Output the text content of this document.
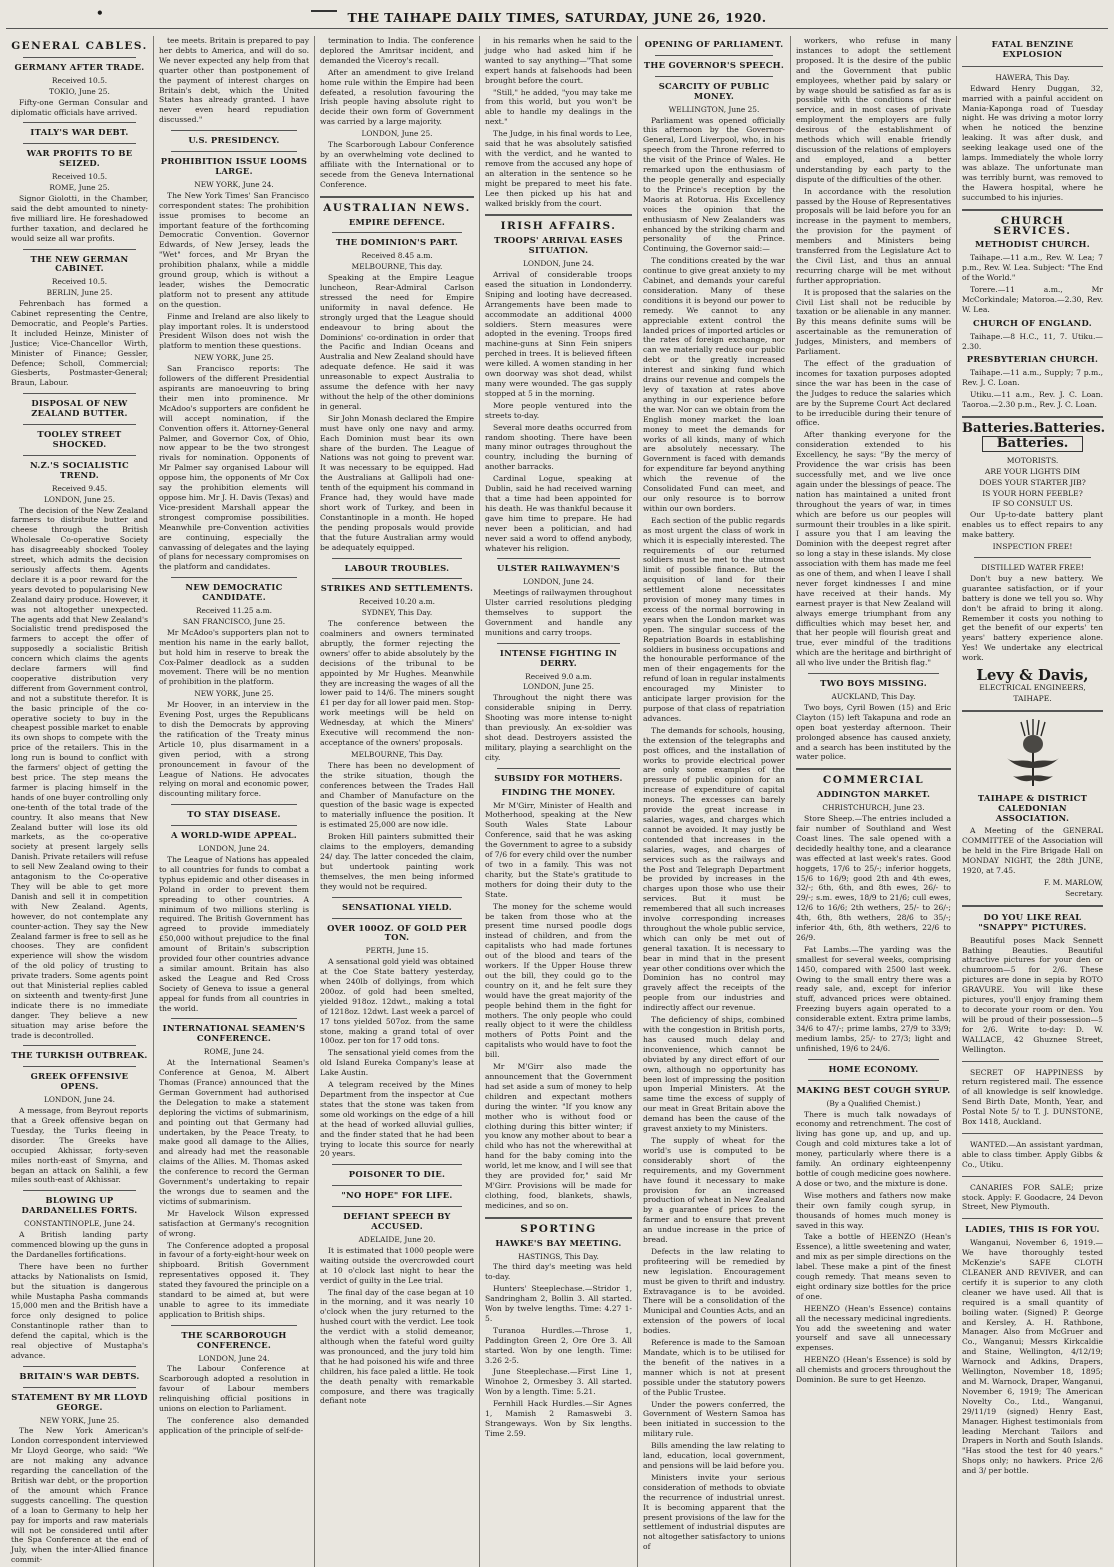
•	THE TAIHAPE DAILY TIMES, SATURDAY, JUNE 26, 1920.
GENERAL CABLES.
GERMANY AFTER TRADE.
Received 10.5.
TOKIO, June 25.

Fifty-one German Consular and diplomatic officials have arrived.

ITALY'S WAR DEBT.
WAR PROFITS TO BE SEIZED.
Received 10.5.
ROME, June 25.

Signor Giolotti, in the Chamber, said the debt amounted to ninety-five milliard lire. He foreshadowed further taxation, and declared he would seize all war profits.

THE NEW GERMAN CABINET.
Received 10.5.
BERLIN, June 25.

Fehrenbach has formed a Cabinet representing the Centre, Democratic, and People's Parties. It included Heinze, Minister of Justice; Vice-Chancellor Wirth, Minister of Finance; Gessler, Defence; Scholl, Commercial; Giesberts, Postmaster-General; Braun, Labour.

DISPOSAL OF NEW ZEALAND BUTTER.
TOOLEY STREET SHOCKED.
N.Z.'S SOCIALISTIC TREND.
Received 9.45.
LONDON, June 25.

The decision of the New Zealand farmers to distribute butter and cheese through the British Wholesale Co-operative Society has disagreeably shocked Tooley street, which admits the decision seriously affects them. Agents declare it is a poor reward for the years devoted to popularising New Zealand dairy produce. However, it was not altogether unexpected. The agents add that New Zealand's Socialistic trend predisposed the farmers to accept the offer of supposedly a socialistic British concern which claims the agents declare farmers will find cooperative distribution very different from Government control, and not a substitute therefor. It is the basic principle of the co-operative society to buy in the cheapest possible market to enable its own shops to compete with the price of the retailers. This in the long run is bound to conflict with the farmers' object of getting the best price. The step means the farmer is placing himself in the hands of one buyer controlling only one-tenth of the total trade of the country. It also means that New Zealand butter will lose its old markets, as the co-operative society at present largely sells Danish. Private retailers will refuse to sell New Zealand owing to their antagonism to the Co-operative They will be able to get more Danish and sell it in competition with New Zealand. Agents, however, do not contemplate any counter-action. They say the New Zealand farmer is free to sell as he chooses. They are confident experience will show the wisdom of the old policy of trusting to private traders. Some agents point out that Ministerial replies cabled on sixteenth and twenty-first June indicate there is no immediate danger. They believe a new situation may arise before the trade is decontrolled.

THE TURKISH OUTBREAK.
GREEK OFFENSIVE OPENS.
LONDON, June 24.

A message, from Beyrout reports that a Greek offensive began on Tuesday, the Turks fleeing in disorder. The Greeks have occupied Akhissar, forty-seven miles north-east of Smyrna, and began an attack on Salihli, a few miles south-east of Akhissar.

BLOWING UP DARDANELLES FORTS.
CONSTANTINOPLE, June 24.

A British landing party commenced blowing up the guns in the Dardanelles fortifications.

There have been no further attacks by Nationalists on Ismid, but the situation is dangerous while Mustapha Pasha commands 15,000 men and the British have a force only designed to police Constantinople rather than to defend the capital, which is the real objective of Mustapha's advance.

BRITAIN'S WAR DEBTS.
STATEMENT BY MR LLOYD GEORGE.
NEW YORK, June 25.

The New York American's London correspondent interviewed Mr Lloyd George, who said: "We are not making any advance regarding the cancellation of the British war debt, or the proportion of the amount which France suggests cancelling. The question of a loan to Germany to help her pay for imports and raw materials will not be considered until after the Spa Conference at the end of July, when the inter-Allied finance commit-

tee meets. Britain is prepared to pay her debts to America, and will do so. We never expected any help from that quarter other than postponement of the payment of interest charges on Britain's debt, which the United States has already granted. I have never even heard repudiation discussed."

U.S. PRESIDENCY.
PROHIBITION ISSUE LOOMS LARGE.
NEW YORK, June 24.

The New York Times' San Francisco correspondent states: The prohibition issue promises to become an important feature of the forthcoming Democratic Convention. Governor Edwards, of New Jersey, leads the "Wet" forces, and Mr Bryan the prohibition phalanx, while a middle ground group, which is without a leader, wishes the Democratic platform not to present any attitude on the question.

Finme and Ireland are also likely to play important roles. It is understood President Wilson does not wish the platform to mention these questions.

NEW YORK, June 25.

San Francisco reports: The followers of the different Presidential aspirants are manoeuvring to bring their men into prominence. Mr McAdoo's supporters are confident he will accept nomination, if the Convention offers it. Attorney-General Palmer, and Governor Cox, of Ohio, now appear to be the two strongest rivals for nomination. Opponents of Mr Palmer say organised Labour will oppose him, the opponents of Mr Cox say the prohibition elements will oppose him. Mr J. H. Davis (Texas) and Vice-president Marshall appear the strongest compromise possibilities. Meanwhile pre-Convention activities are continuing, especially the canvassing of delegates and the laying of plans for necessary compromises on the platform and candidates.

NEW DEMOCRATIC CANDIDATE.
Received 11.25 a.m.
SAN FRANCISCO, June 25.

Mr McAdoo's supporters plan not to mention his name in the early ballot, but hold him in reserve to break the Cox-Palmer deadlock as a sudden movement. There will be no mention of prohibition in the platform.

NEW YORK, June 25.

Mr Hoover, in an interview in the Evening Post, urges the Republicans to dish the Democrats by approving the ratification of the Treaty minus Article 10, plus disarmament in a given period, with a strong pronouncement in favour of the League of Nations. He advocates relying on moral and economic power, discounting military force.

TO STAY DISEASE.
A WORLD-WIDE APPEAL.
LONDON, June 24.

The League of Nations has appealed to all countries for funds to combat a typhus epidemic and other diseases in Poland in order to prevent them spreading to other countries. A minimum of two millions sterling is required. The British Government has agreed to provide immediately £50,000 without prejudice to the final amount of Britain's subscription provided four other countries advance a similar amount. Britain has also asked the League and Red Cross Society of Geneva to issue a general appeal for funds from all countries in the world.

INTERNATIONAL SEAMEN'S CONFERENCE.
ROME, June 24.

At the International Seamen's Conference at Genoa, M. Albert Thomas (France) announced that the German Government had authorised the Delegation to make a statement deploring the victims of submarinism, and pointing out that Germany had undertaken, by the Peace Treaty, to make good all damage to the Allies, and already had met the reasonable claims of the Allies. M. Thomas asked the conference to record the German Government's undertaking to repair the wrongs due to seamen and the victims of submarinism.

Mr Havelock Wilson expressed satisfaction at Germany's recognition of wrong.

The Conference adopted a proposal in favour of a forty-eight-hour week on shipboard. British Government representatives opposed it. They stated they favoured the principle on a standard to be aimed at, but were unable to agree to its immediate application to British ships.

THE SCARBOROUGH CONFERENCE.
LONDON, June 24.

The Labour Conference at Scarborough adopted a resolution in favour of Labour members relinquishing official positions in unions on election to Parliament.

The conference also demanded application of the principle of self-de-

termination to India. The conference deplored the Amritsar incident, and demanded the Viceroy's recall.

After an amendment to give Ireland home rule within the Empire had been defeated, a resolution favouring the Irish people having absolute right to decide their own form of Government was carried by a large majority.

LONDON, June 25.

The Scarborough Labour Conference by an overwhelming vote declined to affiliate with the International or to secede from the Geneva International Conference.

AUSTRALIAN NEWS.
EMPIRE DEFENCE.
THE DOMINION'S PART.
Received 8.45 a.m.
MELBOURNE, This day.

Speaking at the Empire League luncheon, Rear-Admiral Carlson stressed the need for Empire uniformity in naval defence. He strongly urged that the League should endeavour to bring about the Dominions' co-ordination in order that the Pacific and Indian Oceans and Australia and New Zealand should have adequate defence. He said it was unreasonable to expect Australia to assume the defence with her navy without the help of the other dominions in general.

Sir John Monash declared the Empire must have only one navy and army. Each Dominion must bear its own share of the burden. The League of Nations was not going to prevent war. It was necessary to be equipped. Had the Australians at Gallipoli had one-tenth of the equipment his command in France had, they would have made short work of Turkey, and been in Constantinople in a month. He hoped the pending proposals would provide that the future Australian army would be adequately equipped.

LABOUR TROUBLES.
STRIKES AND SETTLEMENTS.
Received 10.20 a.m.
SYDNEY, This Day.

The conference between the coalminers and owners terminated abruptly, the former rejecting the owners' offer to abide absolutely by the decisions of the tribunal to be appointed by Mr Hughes. Meanwhile they are increasing the wages of all the lower paid to 14/6. The miners sought £1 per day for all lower paid men. Stop-work meetings will be held on Wednesday, at which the Miners' Executive will recommend the non-acceptance of the owners' proposals.

MELBOURNE, This Day.

There has been no development of the strike situation, though the conferences between the Trades Hall and Chamber of Manufacture on the question of the basic wage is expected to materially influence the position. It is estimated 25,000 are now idle.

Broken Hill painters submitted their claims to the employers, demanding 24/ day. The latter conceded the claim, but undertook painting work themselves, the men being informed they would not be required.

SENSATIONAL YIELD.
OVER 100OZ. OF GOLD PER TON.
PERTH, June 15.

A sensational gold yield was obtained at the Coe State battery yesterday, when 240lb of dollyings, from which 200oz. of gold had been smelted, yielded 918oz. 12dwt., making a total of 1218oz. 12dwt. Last week a parcel of 17 tons yielded 507oz. from the same stone, making a grand total of over 100oz. per ton for 17 odd tons.

The sensational yield comes from the old Island Eureka Company's lease at Lake Austin.

A telegram received by the Mines Department from the inspector at Cue states that the stone was taken from some old workings on the edge of a hill at the head of worked alluvial gullies, and the finder stated that he had been trying to locate this source for nearly 20 years.

POISONER TO DIE.
"NO HOPE" FOR LIFE.
DEFIANT SPEECH BY ACCUSED.
ADELAIDE, June 20.

It is estimated that 1000 people were waiting outside the overcrowded court at 10 o'clock last night to hear the verdict of guilty in the Lee trial.

The final day of the case began at 10 in the morning, and it was nearly 10 o'clock when the jury returned to the hushed court with the verdict. Lee took the verdict with a stolid demeanor, although when the fateful word guilty was pronounced, and the jury told him that he had poisoned his wife and three children, his face paled a little. He took the death penalty with remarkable composure, and there was tragically defiant note

in his remarks when he said to the judge who had asked him if he wanted to say anything—"That some expert hands at falsehoods had been brought before the court.

"Still," he added, "you may take me from this world, but you won't be able to handle my dealings in the next."

The Judge, in his final words to Lee, said that he was absolutely satisfied with the verdict, and he wanted to remove from the accused any hope of an alteration in the sentence so he might be prepared to meet his fate. Lee then picked up his hat and walked briskly from the court.

IRISH AFFAIRS.
TROOPS' ARRIVAL EASES SITUATION.
LONDON, June 24.

Arrival of considerable troops eased the situation in Londonderry. Sniping and looting have decreased. Arrangements have been made to accommodate an additional 4000 soldiers. Stern measures were adopted in the evening. Troops fired machine-guns at Sinn Fein snipers perched in trees. It is believed fifteen were killed. A women standing in her own doorway was shot dead, whilst many were wounded. The gas supply stopped at 5 in the morning.

More people ventured into the streets to-day.

Several more deaths occurred from random shooting. There have been many minor outrages throughout the country, including the burning of another barracks.

Cardinal Logue, speaking at Dublin, said he had received warning that a time had been appointed for his death. He was thankful because it gave him time to prepare. He had never been a politician, and had never said a word to offend anybody, whatever his religion.

ULSTER RAILWAYMEN'S
LONDON, June 24.

Meetings of railwaymen throughout Ulster carried resolutions pledging themselves to support the Government and handle any munitions and carry troops.

INTENSE FIGHTING IN DERRY.
Received 9.0 a.m.
LONDON, June 25.

Throughout the night there was considerable sniping in Derry. Shooting was more intense to-night than previously. An ex-soldier was shot dead. Destroyers assisted the military, playing a searchlight on the city.

SUBSIDY FOR MOTHERS.
FINDING THE MONEY.

Mr M'Girr, Minister of Health and Motherhood, speaking at the New South Wales State Labour Conference, said that he was asking the Government to agree to a subsidy of 7/6 for every child over the number of two in a family. This was not charity, but the State's gratitude to mothers for doing their duty to the State.

The money for the scheme would be taken from those who at the present time nursed poodle dogs instead of children, and from the capitalists who had made fortunes out of the blood and tears of the workers. If the Upper House threw out the bill, they could go to the country on it, and he felt sure they would have the great majority of the people behind them in the fight for mothers. The only people who could really object to it were the childless mothers of Potts Point and the capitalists who would have to foot the bill.

Mr M'Girr also made the announcement that the Government had set aside a sum of money to help children and expectant mothers during the winter. "If you know any mother who is without food or clothing during this bitter winter; if you know any mother about to bear a child who has not the wherewithal at hand for the baby coming into the world, let me know, and I will see that they are provided for," said Mr M'Girr. Provisions will be made for clothing, food, blankets, shawls, medicines, and so on.

SPORTING
HAWKE'S BAY MEETING.
HASTINGS, This Day.

The third day's meeting was held to-day.

Hunters' Steeplechase.—Stridor 1, Sandringham 2, Bollin 3. All started. Won by twelve lengths. Time: 4.27 1-5.

Turanoa Hurdles.—Throse 1, Paddington Green 2, Ore Ore 3. All started. Won by one length. Time: 3.26 2-5.

June Steeplechase.—First Line 1, Winohoe 2, Ormesbey 3. All started. Won by a length. Time: 5.21.

Fernhill Hack Hurdles.—Sir Agnes 1, Mamish 2 Ramaswebi 3. Strangeways. Won by Six lengths. Time 2.59.

OPENING OF PARLIAMENT.
THE GOVERNOR'S SPEECH.
SCARCITY OF PUBLIC MONEY.
WELLINGTON, June 25.

Parliament was opened officially this afternoon by the Governor-General, Lord Liverpool, who, in his speech from the Throne referred to the visit of the Prince of Wales. He remarked upon the enthusiasm of the people generally and especially to the Prince's reception by the Maoris at Rotorua. His Excellency voices the opinion that the enthusiasm of New Zealanders was enhanced by the striking charm and personality of the Prince. Continuing, the Governor said:—

The conditions created by the war continue to give great anxiety to my Cabinet, and demands your careful consideration. Many of these conditions it is beyond our power to remedy. We cannot to any appreciable extent control the landed prices of imported articles or the rates of foreign exchange, nor can we materially reduce our public debt or the greatly increased interest and sinking fund which drains our revenue and compels the levy of taxation at rates above anything in our experience before the war. Nor can we obtain from the English money market the loan money to meet the demands for works of all kinds, many of which are absolutely necessary. The Government is faced with demands for expenditure far beyond anything which the revenue of the Consolidated Fund can meet, and our only resource is to borrow within our own borders.

Each section of the public regards as most urgent the class of work in which it is especially interested. The requirements of our returned soldiers must be met to the utmost limit of possible finance. But the acquisition of land for their settlement alone necessitates provision of money many times in excess of the normal borrowing in years when the London market was open. The singular success of the Repatriation Boards in establishing soldiers in business occupations and the honourable performance of the men of their engagements for the refund of loan in regular instalments encouraged my Minister to anticipate larger provision for the purpose of that class of repatriation advances.

The demands for schools, housing, the extension of the telegraphs and post offices, and the installation of works to provide electrical power are only some examples of the pressure of public opinion for an increase of expenditure of capital moneys. The excesses can barely provide the great increase in salaries, wages, and charges which cannot be avoided. It may justly be contended that increases in the salaries, wages, and charges of services such as the railways and the Post and Telegraph Department be provided by increases in the charges upon those who use their services. But it must be remembered that all such increases involve corresponding increases throughout the whole public service, which can only be met out of general taxation. It is necessary to bear in mind that in the present year other conditions over which the Dominion has no control may gravely affect the receipts of the people from our industries and indirectly affect our revenue.

The deficiency of ships, combined with the congestion in British ports, has caused much delay and inconvenience, which cannot be obviated by any direct effort of our own, although no opportunity has been lost of impressing the position upon Imperial Ministers. At the same time the excess of supply of our meat in Great Britain above the demand has been the cause of the gravest anxiety to my Ministers.

The supply of wheat for the world's use is computed to be considerably short of the requirements, and my Government have found it necessary to make provision for an increased production of wheat in New Zealand by a guarantee of prices to the farmer and to ensure that prevent an undue increase in the price of bread.

Defects in the law relating to profiteering will be remedied by new legislation. Encouragement must be given to thrift and industry. Extravagance is to be avoided. There will be a consolidation of the Municipal and Counties Acts, and an extension of the powers of local bodies.

Reference is made to the Samoan Mandate, which is to be utilised for the benefit of the natives in a manner which is not at present possible under the statutory powers of the Public Trustee.

Under the powers conferred, the Government of Western Samoa has been initiated in succession to the military rule.

Bills amending the law relating to land, education, local government, and pensions will be laid before you.

Ministers invite your serious consideration of methods to obviate the recurrence of industrial unrest. It is becoming apparent that the present provisions of the law for the settlement of industrial disputes are not altogether satisfactory to unions of

workers, who refuse in many instances to adopt the settlement proposed. It is the desire of the public and the Government that public employees, whether paid by salary or by wage should be satisfied as far as is possible with the conditions of their service, and in most cases of private employment the employers are fully desirous of the establishment of methods which will enable friendly discussion of the relations of employers and employed, and a better understanding by each party to the dispute of the difficulties of the other.

In accordance with the resolution passed by the House of Representatives proposals will be laid before you for an increase in the payment to members, the provision for the payment of members and Ministers being transferred from the Legislature Act to the Civil List, and thus an annual recurring charge will be met without further appropriation.

It is proposed that the salaries on the Civil List shall not be reducible by taxation or be alienable in any manner. By this means definite sums will be ascertainable as the remuneration of Judges, Ministers, and members of Parliament.

The effect of the graduation of incomes for taxation purposes adopted since the war has been in the case of the Judges to reduce the salaries which are by the Supreme Court Act declared to be irreducible during their tenure of office.

After thanking everyone for the consideration extended to his Excellency, he says: "By the mercy of Providence the war crisis has been successfully met, and we live once again under the blessings of peace. The nation has maintained a united front throughout the years of war, in times which are before us our peoples will surmount their troubles in a like spirit. I assure you that I am leaving the Dominion with the deepest regret after so long a stay in these islands. My close association with them has made me feel as one of them, and when I leave I shall never forget kindnesses I and mine have received at their hands. My earnest prayer is that New Zealand will always emerge triumphant from any difficulties which may beset her, and that her people will flourish great and true, ever mindful of the traditions which are the heritage and birthright of all who live under the British flag."

TWO BOYS MISSING.
AUCKLAND, This Day.

Two boys, Cyril Bowen (15) and Eric Clayton (15) left Takapuna and rode an open boat yesterday afternoon. Their prolonged absence has caused anxiety, and a search has been instituted by the water police.

COMMERCIAL
ADDINGTON MARKET.
CHRISTCHURCH, June 23.

Store Sheep.—The entries included a fair number of Southland and West Coast lines. The sale opened with a decidedly healthy tone, and a clearance was effected at last week's rates. Good hoggets, 17/6 to 25/-; inferior hoggets, 15/6 to 16/9; good 2th and 4th ewes, 32/-; 6th, 6th, and 8th ewes, 26/- to 29/-; s.m. ewes, 18/9 to 21/6; cull ewes, 12/6 to 16/6; 2th wethers, 25/- to 26/-; 4th, 6th, 8th wethers, 28/6 to 35/-; inferior 4th, 6th, 8th wethers, 22/6 to 26/9.

Fat Lambs.—The yarding was the smallest for several weeks, comprising 1450, compared with 2500 last week. Owing to the small entry there was a ready sale, and, except for inferior stuff, advanced prices were obtained. Freezing buyers again operated to a considerable extent. Extra prime lambs, 34/6 to 47/-; prime lambs, 27/9 to 33/9; medium lambs, 25/- to 27/3; light and unfinished, 19/6 to 24/6.

HOME ECONOMY.
MAKING BEST COUGH SYRUP.
(By a Qualified Chemist.)

There is much talk nowadays of economy and retrenchment. The cost of living has gone up, and up, and up. Cough and cold mixtures take a lot of money, particularly where there is a family. An ordinary eighteenpenny bottle of cough medicine goes nowhere. A dose or two, and the mixture is done.

Wise mothers and fathers now make their own family cough syrup, in thousands of homes much money is saved in this way.

Take a bottle of HEENZO (Hean's Essence), a little sweetening and water, and mix as per simple directions on the label. These make a pint of the finest cough remedy. That means seven to eight ordinary size bottles for the price of one.

HEENZO (Hean's Essence) contains all the necessary medicinal ingredients. You add the sweetening and water yourself and save all unnecessary expenses.

HEENZO (Hean's Essence) is sold by all chemists and grocers throughout the Dominion. Be sure to get Heenzo.

FATAL BENZINE EXPLOSION
HAWERA, This Day.

Edward Henry Duggan, 32, married with a painful accident on Mania-Kaponga road of Tuesday night. He was driving a motor lorry when he noticed the benzine leaking. It was after dusk, and seeking leakage used one of the lamps. Immediately the whole lorry was ablaze. The unfortunate man was terribly burnt, was removed to the Hawera hospital, where he succumbed to his injuries.

CHURCH SERVICES.
METHODIST CHURCH.

Taihape.—11 a.m., Rev. W. Lea; 7 p.m., Rev. W. Lea. Subject: "The End of the World."

Torere.—11 a.m., Mr McCorkindale; Matoroa.—2.30, Rev. W. Lea.

CHURCH OF ENGLAND.

Taihape.—8 H.C., 11, 7. Utiku.—2.30.

PRESBYTERIAN CHURCH.

Taihape.—11 a.m., Supply; 7 p.m., Rev. J. C. Loan.

Utiku.—11 a.m., Rev. J. C. Loan. Taoroa.—2.30 p.m., Rev. J. C. Loan.

Batteries. Batteries.
Batteries.
MOTORISTS.
ARE YOUR LIGHTS DIM
DOES YOUR STARTER JIB?
IS YOUR HORN FEEBLE?
IF SO CONSULT US.

Our Up-to-date battery plant enables us to effect repairs to any make battery.

INSPECTION FREE!
DISTILLED WATER FREE!

Don't buy a new battery. We guarantee satisfaction, or if your battery is done we tell you so. Why don't be afraid to bring it along. Remember it costs you nothing to get the benefit of our experts' ten years' battery experience alone. Yes! We undertake any electrical work.

Levy & Davis,
ELECTRICAL ENGINEERS,
TAIHAPE.
TAIHAPE & DISTRICT CALEDONIAN ASSOCIATION.

A Meeting of the GENERAL COMMITTEE of the Association will be held in the Fire Brigade Hall on MONDAY NIGHT, the 28th JUNE, 1920, at 7.45.

F. M. MARLOW,
Secretary.
DO YOU LIKE REAL "SNAPPY" PICTURES.

Beautiful poses Mack Sennett Bathing Beauties. Beautiful attractive pictures for your den or chumroom—5 for 2/6. These pictures are done in sepia by ROTO GRAVURE. You will like these pictures, you'll enjoy framing them to decorate your room or den. You will be proud of their possession—5 for 2/6. Write to-day: D. W. WALLACE, 42 Ghuznee Street, Wellington.

SECRET OF HAPPINESS by return registered mail. The essence of all knowledge is self knowledge. Send Birth Date, Month, Year, and Postal Note 5/ to T. J. DUNSTONE, Box 1418, Auckland.

WANTED.—An assistant yardman, able to class timber. Apply Gibbs & Co., Utiku.

CANARIES FOR SALE; prize stock. Apply: F. Goodacre, 24 Devon Street, New Plymouth.

LADIES, THIS IS FOR YOU.

Wanganui, November 6, 1919.—We have thoroughly tested McKenzie's SAFE CLOTH CLEANER AND REVIVER, and can certify it is superior to any cloth cleaner we have used. All that is required is a small quantity of boiling water. (Signed) P. George and Kersley, A. H. Rathbone, Manager. Also from McGruer and Co., Wanganui; Messrs Kirkcaldie and Staine, Wellington, 4/12/19; Warnock and Adkins, Drapers, Wellington, November 18, 1895; and M. Warnock, Draper, Wanganui, November 6, 1919; The American Novelty Co., Ltd., Wanganui, 29/11/19 (signed) Henry East, Manager. Highest testimonials from leading Merchant Tailors and Drapers in North and South Islands. "Has stood the test for 40 years." Shops only; no hawkers. Price 2/6 and 3/ per bottle.
